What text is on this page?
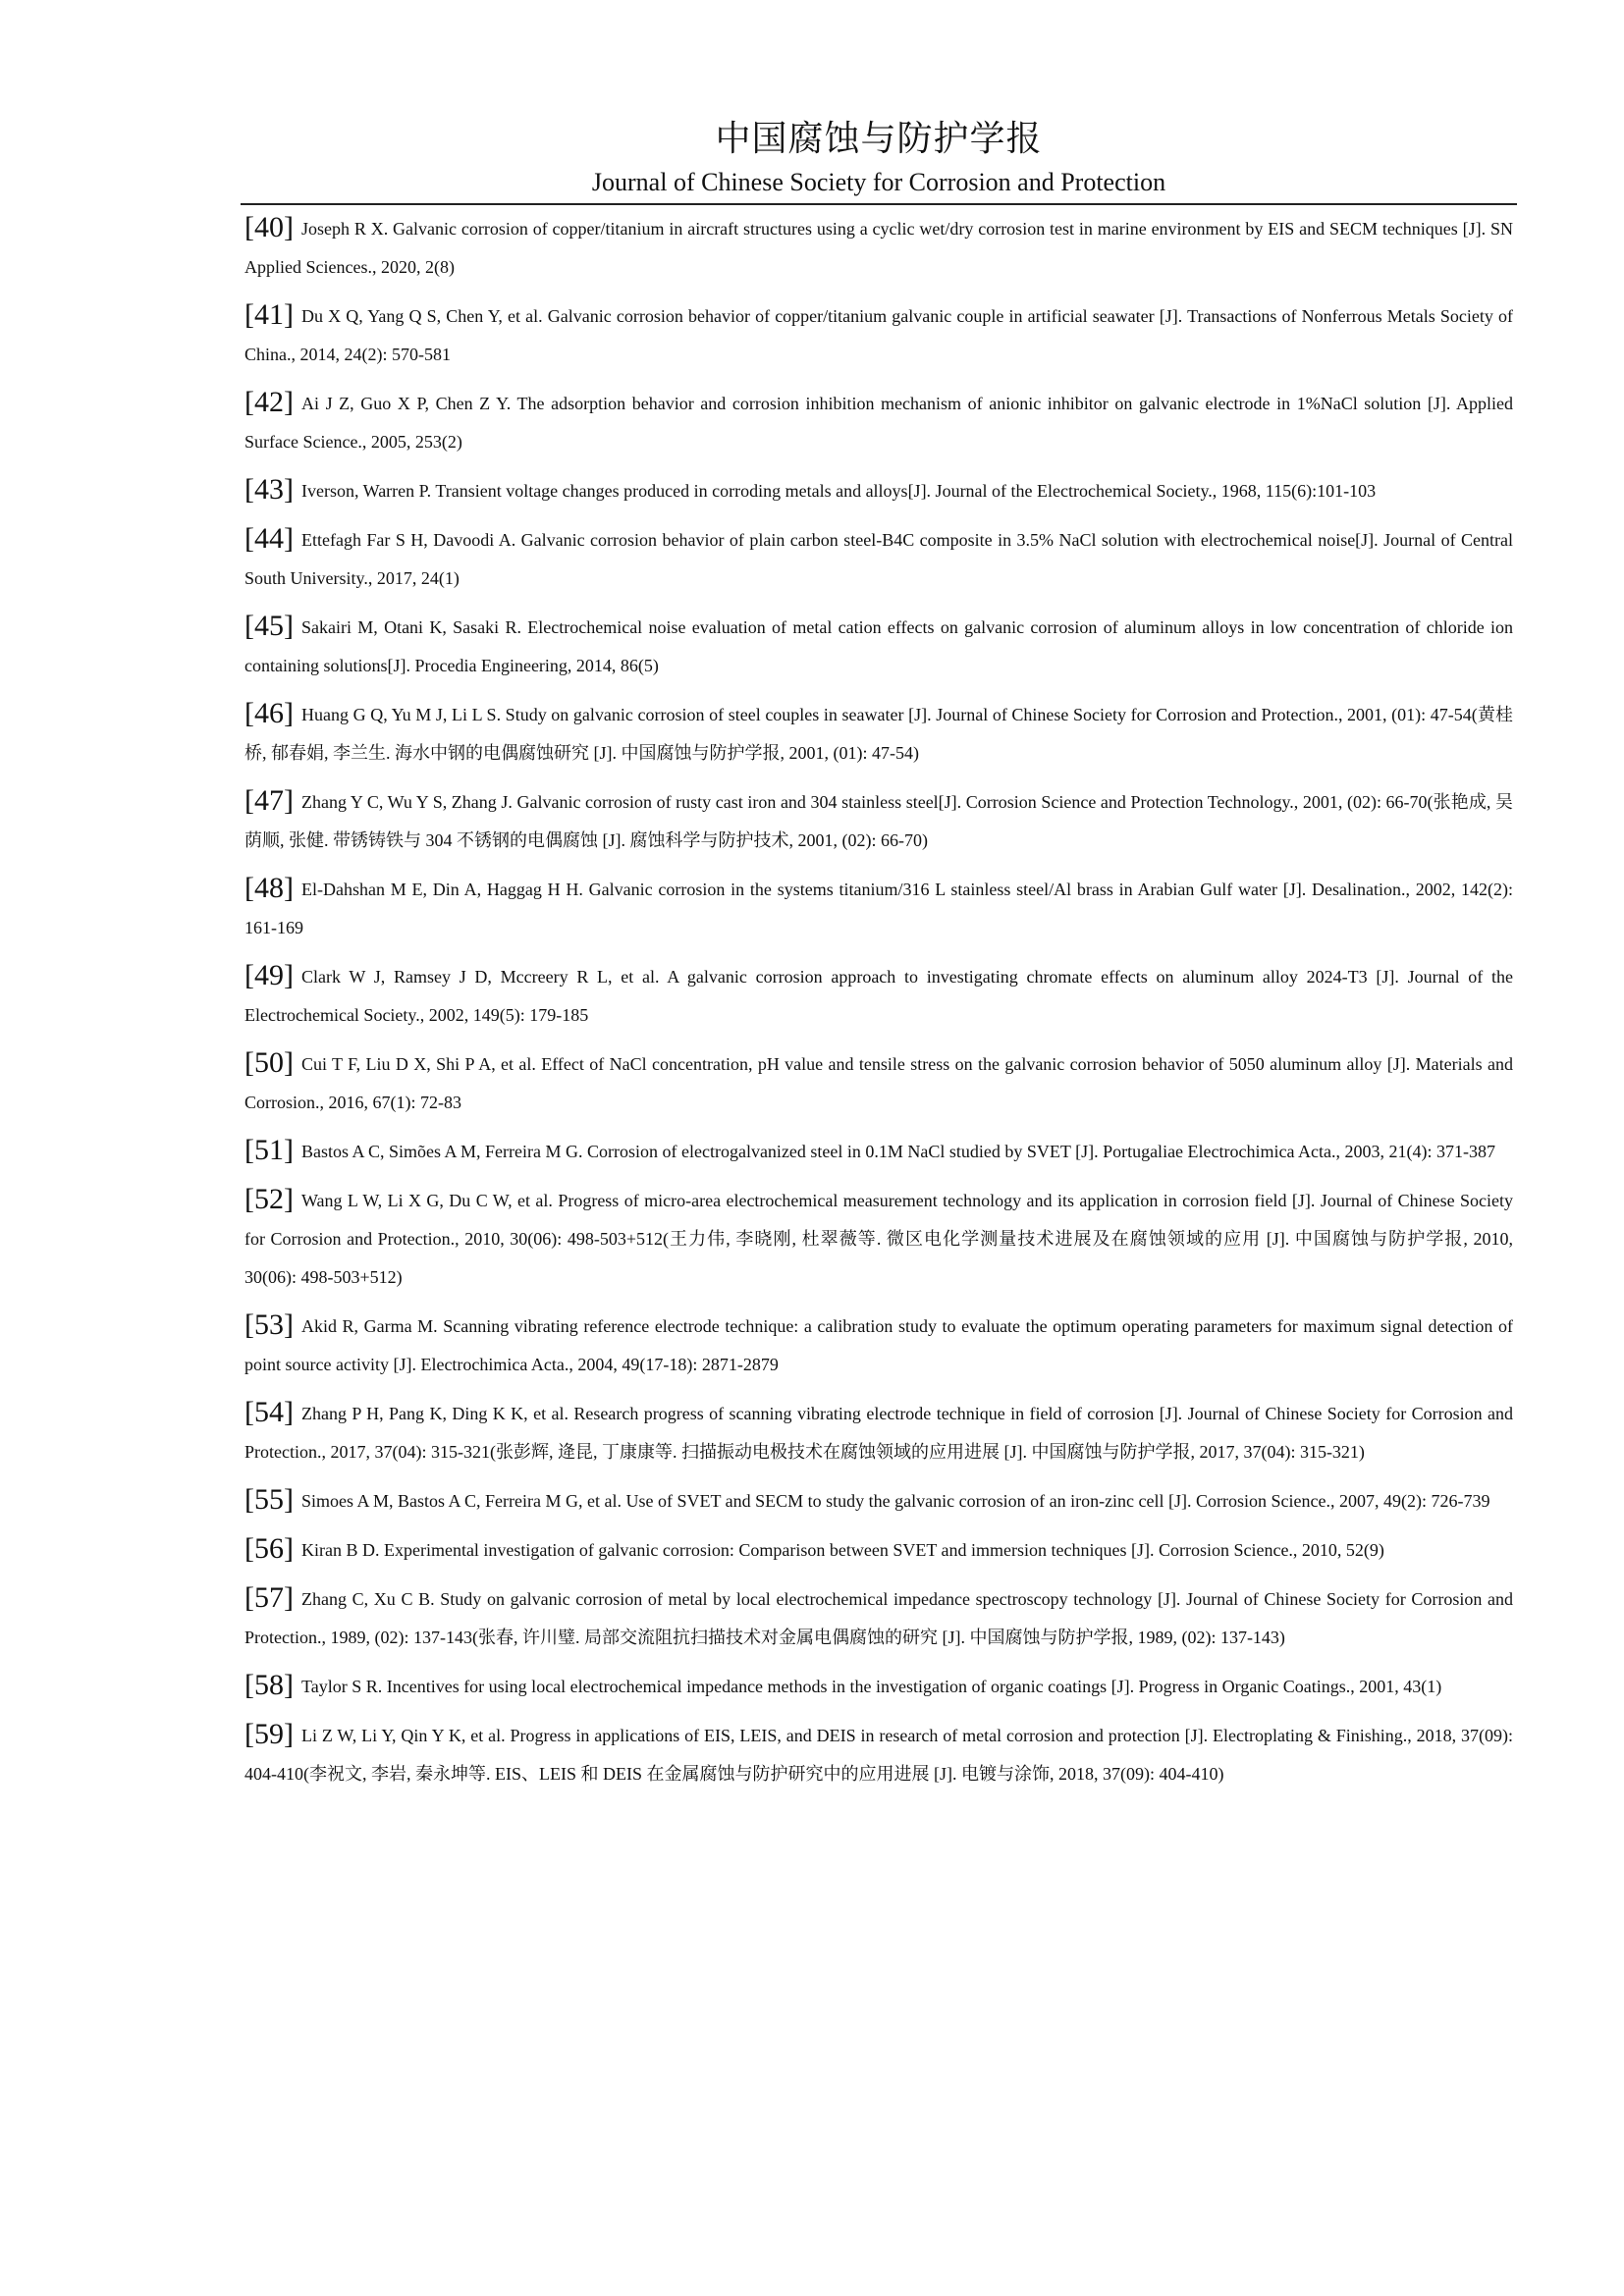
中国腐蚀与防护学报
Journal of Chinese Society for Corrosion and Protection
[40] Joseph R X. Galvanic corrosion of copper/titanium in aircraft structures using a cyclic wet/dry corrosion test in marine environment by EIS and SECM techniques [J]. SN Applied Sciences., 2020, 2(8)
[41] Du X Q, Yang Q S, Chen Y, et al. Galvanic corrosion behavior of copper/titanium galvanic couple in artificial seawater [J]. Transactions of Nonferrous Metals Society of China., 2014, 24(2): 570-581
[42] Ai J Z, Guo X P, Chen Z Y. The adsorption behavior and corrosion inhibition mechanism of anionic inhibitor on galvanic electrode in 1%NaCl solution [J]. Applied Surface Science., 2005, 253(2)
[43] Iverson, Warren P. Transient voltage changes produced in corroding metals and alloys[J]. Journal of the Electrochemical Society., 1968, 115(6):101-103
[44] Ettefagh Far S H, Davoodi A. Galvanic corrosion behavior of plain carbon steel-B4C composite in 3.5% NaCl solution with electrochemical noise[J]. Journal of Central South University., 2017, 24(1)
[45] Sakairi M, Otani K, Sasaki R. Electrochemical noise evaluation of metal cation effects on galvanic corrosion of aluminum alloys in low concentration of chloride ion containing solutions[J]. Procedia Engineering, 2014, 86(5)
[46] Huang G Q, Yu M J, Li L S. Study on galvanic corrosion of steel couples in seawater [J]. Journal of Chinese Society for Corrosion and Protection., 2001, (01): 47-54(黄桂桥, 郁春娟, 李兰生. 海水中钢的电偶腐蚀研究 [J]. 中国腐蚀与防护学报, 2001, (01): 47-54)
[47] Zhang Y C, Wu Y S, Zhang J. Galvanic corrosion of rusty cast iron and 304 stainless steel[J]. Corrosion Science and Protection Technology., 2001, (02): 66-70(张艳成, 吴荫顺, 张健. 带锈铸铁与 304 不锈钢的电偶腐蚀 [J]. 腐蚀科学与防护技术, 2001, (02): 66-70)
[48] El-Dahshan M E, Din A, Haggag H H. Galvanic corrosion in the systems titanium/316 L stainless steel/Al brass in Arabian Gulf water [J]. Desalination., 2002, 142(2): 161-169
[49] Clark W J, Ramsey J D, Mccreery R L, et al. A galvanic corrosion approach to investigating chromate effects on aluminum alloy 2024-T3 [J]. Journal of the Electrochemical Society., 2002, 149(5): 179-185
[50] Cui T F, Liu D X, Shi P A, et al. Effect of NaCl concentration, pH value and tensile stress on the galvanic corrosion behavior of 5050 aluminum alloy [J]. Materials and Corrosion., 2016, 67(1): 72-83
[51] Bastos A C, Simões A M, Ferreira M G. Corrosion of electrogalvanized steel in 0.1M NaCl studied by SVET [J]. Portugaliae Electrochimica Acta., 2003, 21(4): 371-387
[52] Wang L W, Li X G, Du C W, et al. Progress of micro-area electrochemical measurement technology and its application in corrosion field [J]. Journal of Chinese Society for Corrosion and Protection., 2010, 30(06): 498-503+512(王力伟, 李晓刚, 杜翠薇等. 微区电化学测量技术进展及在腐蚀领域的应用 [J]. 中国腐蚀与防护学报, 2010, 30(06): 498-503+512)
[53] Akid R, Garma M. Scanning vibrating reference electrode technique: a calibration study to evaluate the optimum operating parameters for maximum signal detection of point source activity [J]. Electrochimica Acta., 2004, 49(17-18): 2871-2879
[54] Zhang P H, Pang K, Ding K K, et al. Research progress of scanning vibrating electrode technique in field of corrosion [J]. Journal of Chinese Society for Corrosion and Protection., 2017, 37(04): 315-321(张彭辉, 逄昆, 丁康康等. 扫描振动电极技术在腐蚀领域的应用进展 [J]. 中国腐蚀与防护学报, 2017, 37(04): 315-321)
[55] Simoes A M, Bastos A C, Ferreira M G, et al. Use of SVET and SECM to study the galvanic corrosion of an iron-zinc cell [J]. Corrosion Science., 2007, 49(2): 726-739
[56] Kiran B D. Experimental investigation of galvanic corrosion: Comparison between SVET and immersion techniques [J]. Corrosion Science., 2010, 52(9)
[57] Zhang C, Xu C B. Study on galvanic corrosion of metal by local electrochemical impedance spectroscopy technology [J]. Journal of Chinese Society for Corrosion and Protection., 1989, (02): 137-143(张春, 许川璧. 局部交流阻抗扫描技术对金属电偶腐蚀的研究 [J]. 中国腐蚀与防护学报, 1989, (02): 137-143)
[58] Taylor S R. Incentives for using local electrochemical impedance methods in the investigation of organic coatings [J]. Progress in Organic Coatings., 2001, 43(1)
[59] Li Z W, Li Y, Qin Y K, et al. Progress in applications of EIS, LEIS, and DEIS in research of metal corrosion and protection [J]. Electroplating & Finishing., 2018, 37(09): 404-410(李祝文, 李岩, 秦永坤等. EIS、LEIS 和 DEIS 在金属腐蚀与防护研究中的应用进展 [J]. 电镀与涂饰, 2018, 37(09): 404-410)
